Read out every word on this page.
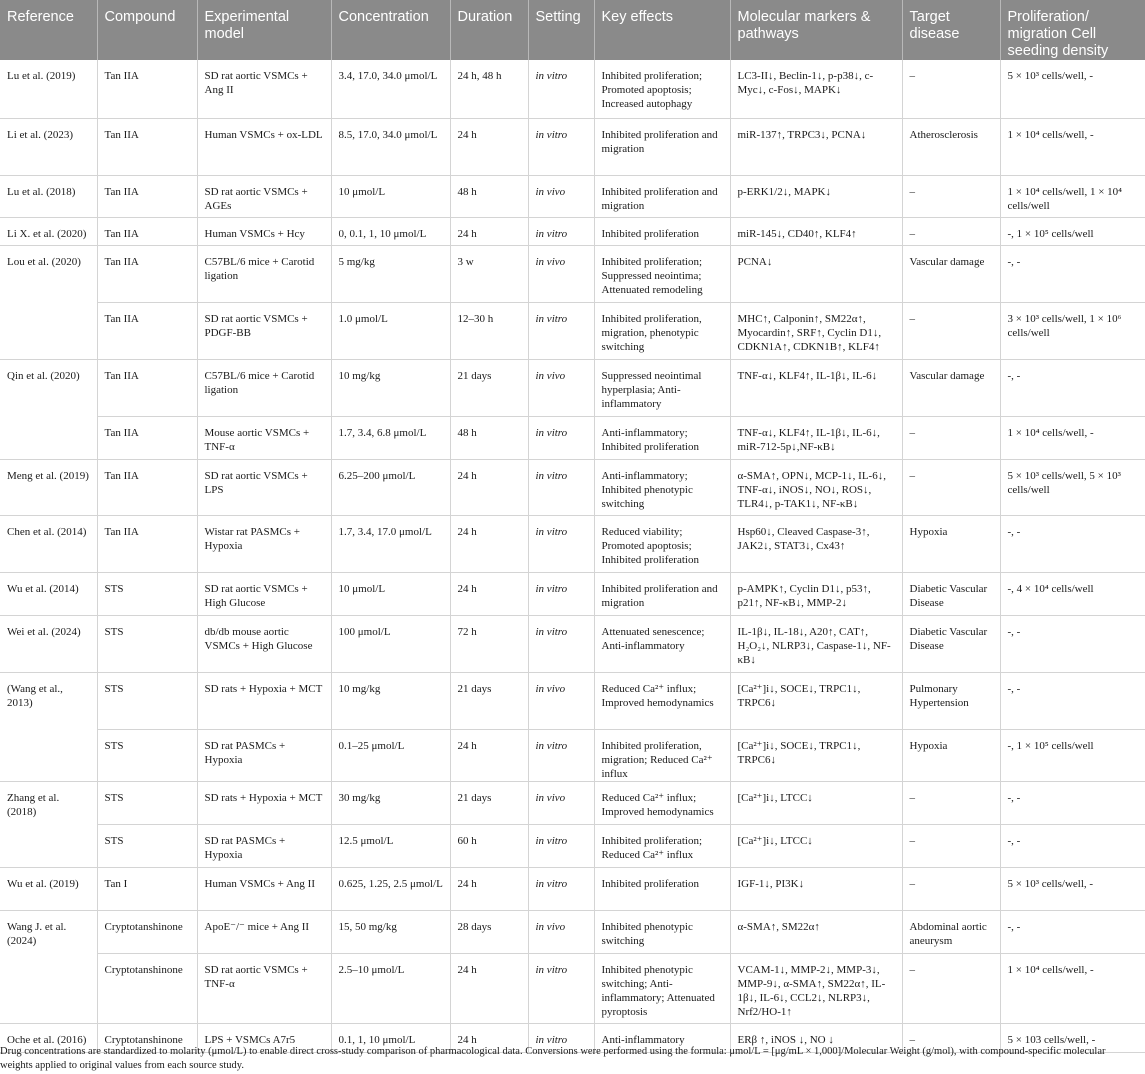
Reference	Compound	Experimental model	Concentration	Duration	Setting	Key effects	Molecular markers & pathways	Target disease	Proliferation/ migration Cell seeding density
Lu et al. (2019)	Tan IIA	SD rat aortic VSMCs + Ang II	3.4, 17.0, 34.0 μmol/L	24 h, 48 h	in vitro	Inhibited proliferation; Promoted apoptosis; Increased autophagy	LC3-II↓, Beclin-1↓, p-p38↓, c-Myc↓, c-Fos↓, MAPK↓	–	5 × 10³ cells/well, -
Li et al. (2023)	Tan IIA	Human VSMCs + ox-LDL	8.5, 17.0, 34.0 μmol/L	24 h	in vitro	Inhibited proliferation and migration	miR-137↑, TRPC3↓, PCNA↓	Atherosclerosis	1 × 10⁴ cells/well, -
Lu et al. (2018)	Tan IIA	SD rat aortic VSMCs + AGEs	10 μmol/L	48 h	in vivo	Inhibited proliferation and migration	p-ERK1/2↓, MAPK↓	–	1 × 10⁴ cells/well, 1 × 10⁴ cells/well
Li X. et al. (2020)	Tan IIA	Human VSMCs + Hcy	0, 0.1, 1, 10 μmol/L	24 h	in vitro	Inhibited proliferation	miR-145↓, CD40↑, KLF4↑	–	-, 1 × 10⁵ cells/well
Lou et al. (2020)	Tan IIA	C57BL/6 mice + Carotid ligation	5 mg/kg	3 w	in vivo	Inhibited proliferation; Suppressed neointima; Attenuated remodeling	PCNA↓	Vascular damage	-, -
	Tan IIA	SD rat aortic VSMCs + PDGF-BB	1.0 μmol/L	12–30 h	in vitro	Inhibited proliferation, migration, phenotypic switching	MHC↑, Calponin↑, SM22α↑, Myocardin↑, SRF↑, Cyclin D1↓, CDKN1A↑, CDKN1B↑, KLF4↑	–	3 × 10³ cells/well, 1 × 10⁶ cells/well
Qin et al. (2020)	Tan IIA	C57BL/6 mice + Carotid ligation	10 mg/kg	21 days	in vivo	Suppressed neointimal hyperplasia; Anti-inflammatory	TNF-α↓, KLF4↑, IL-1β↓, IL-6↓	Vascular damage	-, -
	Tan IIA	Mouse aortic VSMCs + TNF-α	1.7, 3.4, 6.8 μmol/L	48 h	in vitro	Anti-inflammatory; Inhibited proliferation	TNF-α↓, KLF4↑, IL-1β↓, IL-6↓, miR-712-5p↓,NF-κB↓	–	1 × 10⁴ cells/well, -
Meng et al. (2019)	Tan IIA	SD rat aortic VSMCs + LPS	6.25–200 μmol/L	24 h	in vitro	Anti-inflammatory; Inhibited phenotypic switching	α-SMA↑, OPN↓, MCP-1↓, IL-6↓, TNF-α↓, iNOS↓, NO↓, ROS↓, TLR4↓, p-TAK1↓, NF-κB↓	–	5 × 10³ cells/well, 5 × 10³ cells/well
Chen et al. (2014)	Tan IIA	Wistar rat PASMCs + Hypoxia	1.7, 3.4, 17.0 μmol/L	24 h	in vitro	Reduced viability; Promoted apoptosis; Inhibited proliferation	Hsp60↓, Cleaved Caspase-3↑, JAK2↓, STAT3↓, Cx43↑	Hypoxia	-, -
Wu et al. (2014)	STS	SD rat aortic VSMCs + High Glucose	10 μmol/L	24 h	in vitro	Inhibited proliferation and migration	p-AMPK↑, Cyclin D1↓, p53↑, p21↑, NF-κB↓, MMP-2↓	Diabetic Vascular Disease	-, 4 × 10⁴ cells/well
Wei et al. (2024)	STS	db/db mouse aortic VSMCs + High Glucose	100 μmol/L	72 h	in vitro	Attenuated senescence; Anti-inflammatory	IL-1β↓, IL-18↓, A20↑, CAT↑, H₂O₂↓, NLRP3↓, Caspase-1↓, NF-κB↓	Diabetic Vascular Disease	-, -
(Wang et al., 2013)	STS	SD rats + Hypoxia + MCT	10 mg/kg	21 days	in vivo	Reduced Ca²⁺ influx; Improved hemodynamics	[Ca²⁺]i↓, SOCE↓, TRPC1↓, TRPC6↓	Pulmonary Hypertension	-, -
	STS	SD rat PASMCs + Hypoxia	0.1–25 μmol/L	24 h	in vitro	Inhibited proliferation, migration; Reduced Ca²⁺ influx	[Ca²⁺]i↓, SOCE↓, TRPC1↓, TRPC6↓	Hypoxia	-, 1 × 10⁵ cells/well
Zhang et al. (2018)	STS	SD rats + Hypoxia + MCT	30 mg/kg	21 days	in vivo	Reduced Ca²⁺ influx; Improved hemodynamics	[Ca²⁺]i↓, LTCC↓	–	-, -
	STS	SD rat PASMCs + Hypoxia	12.5 μmol/L	60 h	in vitro	Inhibited proliferation; Reduced Ca²⁺ influx	[Ca²⁺]i↓, LTCC↓	–	-, -
Wu et al. (2019)	Tan I	Human VSMCs + Ang II	0.625, 1.25, 2.5 μmol/L	24 h	in vitro	Inhibited proliferation	IGF-1↓, PI3K↓	–	5 × 10³ cells/well, -
Wang J. et al. (2024)	Cryptotanshinone	ApoE⁻/⁻ mice + Ang II	15, 50 mg/kg	28 days	in vivo	Inhibited phenotypic switching	α-SMA↑, SM22α↑	Abdominal aortic aneurysm	-, -
	Cryptotanshinone	SD rat aortic VSMCs + TNF-α	2.5–10 μmol/L	24 h	in vitro	Inhibited phenotypic switching; Anti-inflammatory; Attenuated pyroptosis	VCAM-1↓, MMP-2↓, MMP-3↓, MMP-9↓, α-SMA↑, SM22α↑, IL-1β↓, IL-6↓, CCL2↓, NLRP3↓, Nrf2/HO-1↑	–	1 × 10⁴ cells/well, -
Oche et al. (2016)	Cryptotanshinone	LPS + VSMCs A7r5	0.1, 1, 10 μmol/L	24 h	in vitro	Anti-inflammatory	ERβ ↑, iNOS ↓, NO ↓	–	5 × 103 cells/well, -
Drug concentrations are standardized to molarity (μmol/L) to enable direct cross-study comparison of pharmacological data. Conversions were performed using the formula: μmol/L = [μg/mL × 1,000]/Molecular Weight (g/mol), with compound-specific molecular weights applied to original values from each source study.
